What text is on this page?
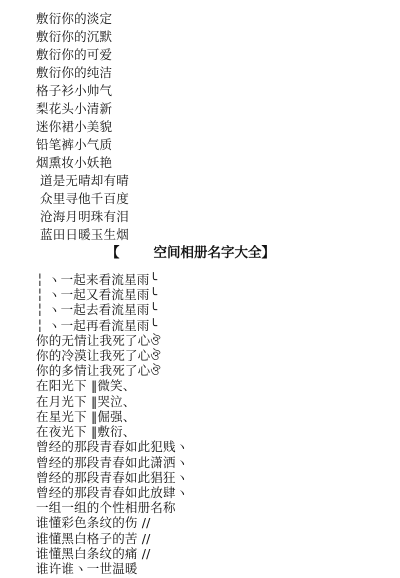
敷衍你的淡定
敷衍你的沉默
敷衍你的可爱
敷衍你的纯洁
格子衫小帅气
梨花头小清新
迷你裙小美貌
铅笔裤小气质
烟熏妆小妖艳
道是无晴却有晴
众里寻他千百度
沧海月明珠有泪
蓝田日暖玉生烟
【	空间相册名字大全】
╎ ヽ一起来看流星雨╰
╎ ヽ一起又看流星雨╰
╎ ヽ一起去看流星雨╰
╎ ヽ一起再看流星雨╰
你的无情让我死了心ঔ
你的冷漠让我死了心ঔ
你的多情让我死了心ঔ
在阳光下 ‖微笑、
在月光下 ‖哭泣、
在星光下 ‖倔强、
在夜光下 ‖敷衍、
曾经的那段青春如此犯贱ヽ
曾经的那段青春如此潇洒ヽ
曾经的那段青春如此猖狂ヽ
曾经的那段青春如此放肆ヽ
一组一组的个性相册名称
谁懂彩色条纹的伤 //
谁懂黑白格子的苦 //
谁懂黑白条纹的痛 //
谁许谁ヽ一世温暖
